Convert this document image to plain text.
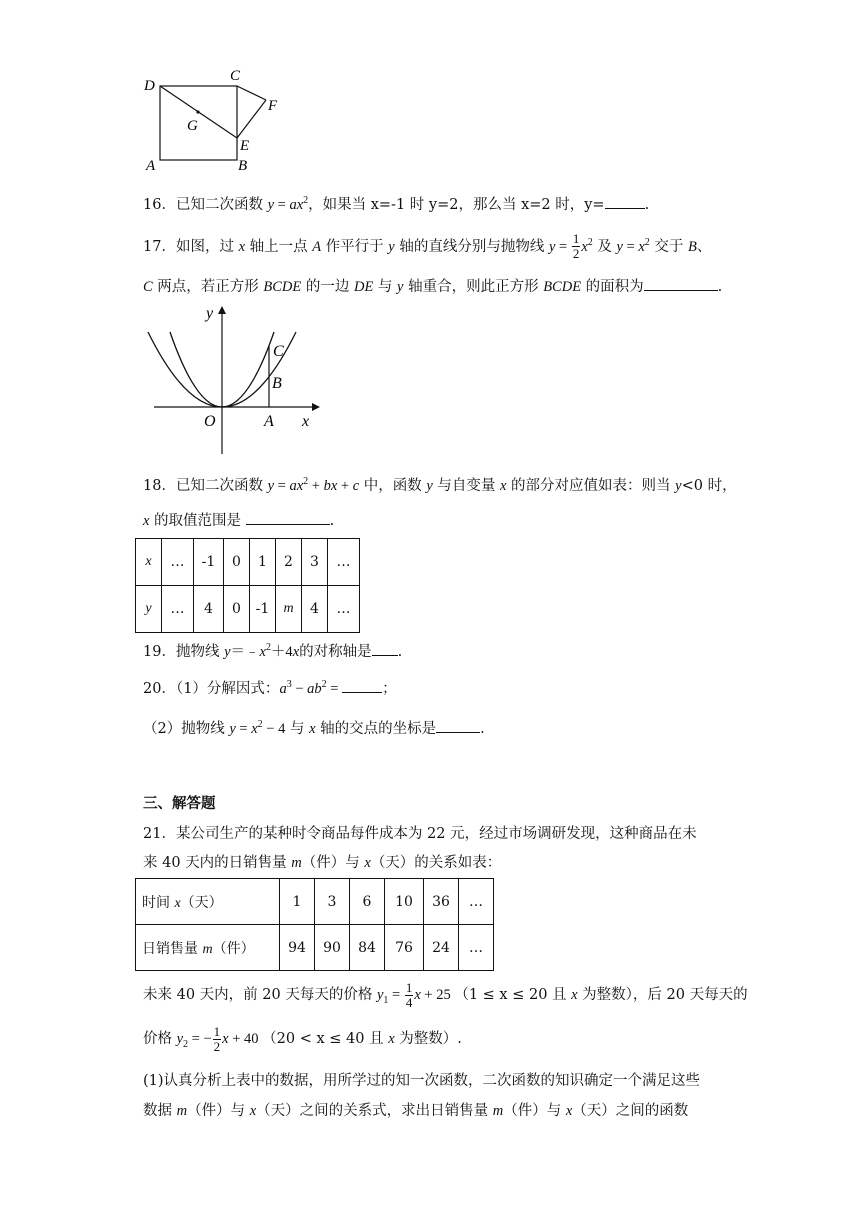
D
C
F
G
E
A	B
16．已知二次函数 $y = ax^2$，如果当 x=-1 时 y=2，那么当 x=2 时，y=	.
17．如图，过 x 轴上一点 A 作平行于 y 轴的直线分别与抛物线 $y = \frac{1}{2} x^2$ 及 $y = x^2$ 交于 B、
C 两点，若正方形 BCDE 的一边 DE 与 y 轴重合，则此正方形 BCDE 的面积为	.
y
x
O	A
B
C
18．已知二次函数 $y = ax^2$ + bx + c 中，函数 y 与自变量 x 的部分对应值如表：则当 y<0 时，
x 的取值范围是	.
x	…	-1	0	1	2	3	…
y	…	4	0	-1	m	4	…
19．抛物线 $y=﹣x^2+4x$的对称轴是 .
20．（1）分解因式：$a^3 - ab^2$ =	；
（2）抛物线 $y = x^2 - 4$ 与 x 轴的交点的坐标是	.
三、解答题
21．某公司生产的某种时令商品每件成本为 22 元，经过市场调研发现，这种商品在未
来 40 天内的日销售量 m（件）与 x（天）的关系如表：
时间 x（天）	1	3	6	10	36	…
日销售量 m（件）	94	90	84	76	24	…
未来 40 天内，前 20 天每天的价格 $y_1 = \frac{1}{4}$ x + 25 （1 ≤ x ≤ 20 且 x 为整数），后 20 天每天的
价格 $y_2$ = − $\frac{1}{2}$ x + 40 （20 < x ≤ 40 且 x 为整数）.
(1)认真分析上表中的数据，用所学过的知一次函数，二次函数的知识确定一个满足这些
数据 m（件）与 x（天）之间的关系式，求出日销售量 m（件）与 x（天）之间的函数
